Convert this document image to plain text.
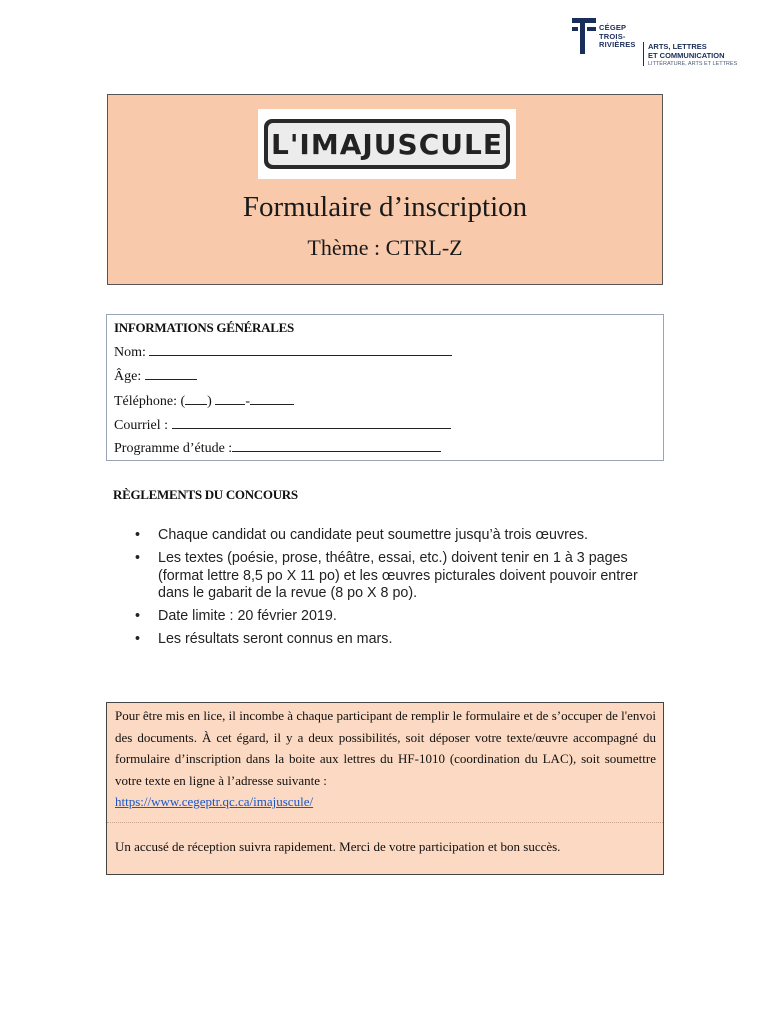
CÉGEP
TROIS-
RIVIÈRES ARTS, LETTRES
ET COMMUNICATION
LITTÉRATURE, ARTS ET LETTRES
L'IMAJUSCULE
Formulaire d’inscription
Thème : CTRL-Z
INFORMATIONS GÉNÉRALES
Nom:
Âge:
Téléphone: ( ) -
Courriel :
Programme d’étude :
RÈGLEMENTS DU CONCOURS
• Chaque candidat ou candidate peut soumettre jusqu’à trois œuvres.
• Les textes (poésie, prose, théâtre, essai, etc.) doivent tenir en 1 à 3 pages (format lettre 8,5 po X 11 po) et les œuvres picturales doivent pouvoir entrer dans le gabarit de la revue (8 po X 8 po).
• Date limite : 20 février 2019.
• Les résultats seront connus en mars.
Pour être mis en lice, il incombe à chaque participant de remplir le formulaire et de s’occuper de l'envoi des documents. À cet égard, il y a deux possibilités, soit déposer votre texte/œuvre accompagné du formulaire d’inscription dans la boite aux lettres du HF-1010 (coordination du LAC), soit soumettre votre texte en ligne à l’adresse suivante :
https://www.cegeptr.qc.ca/imajuscule/
Un accusé de réception suivra rapidement. Merci de votre participation et bon succès.
